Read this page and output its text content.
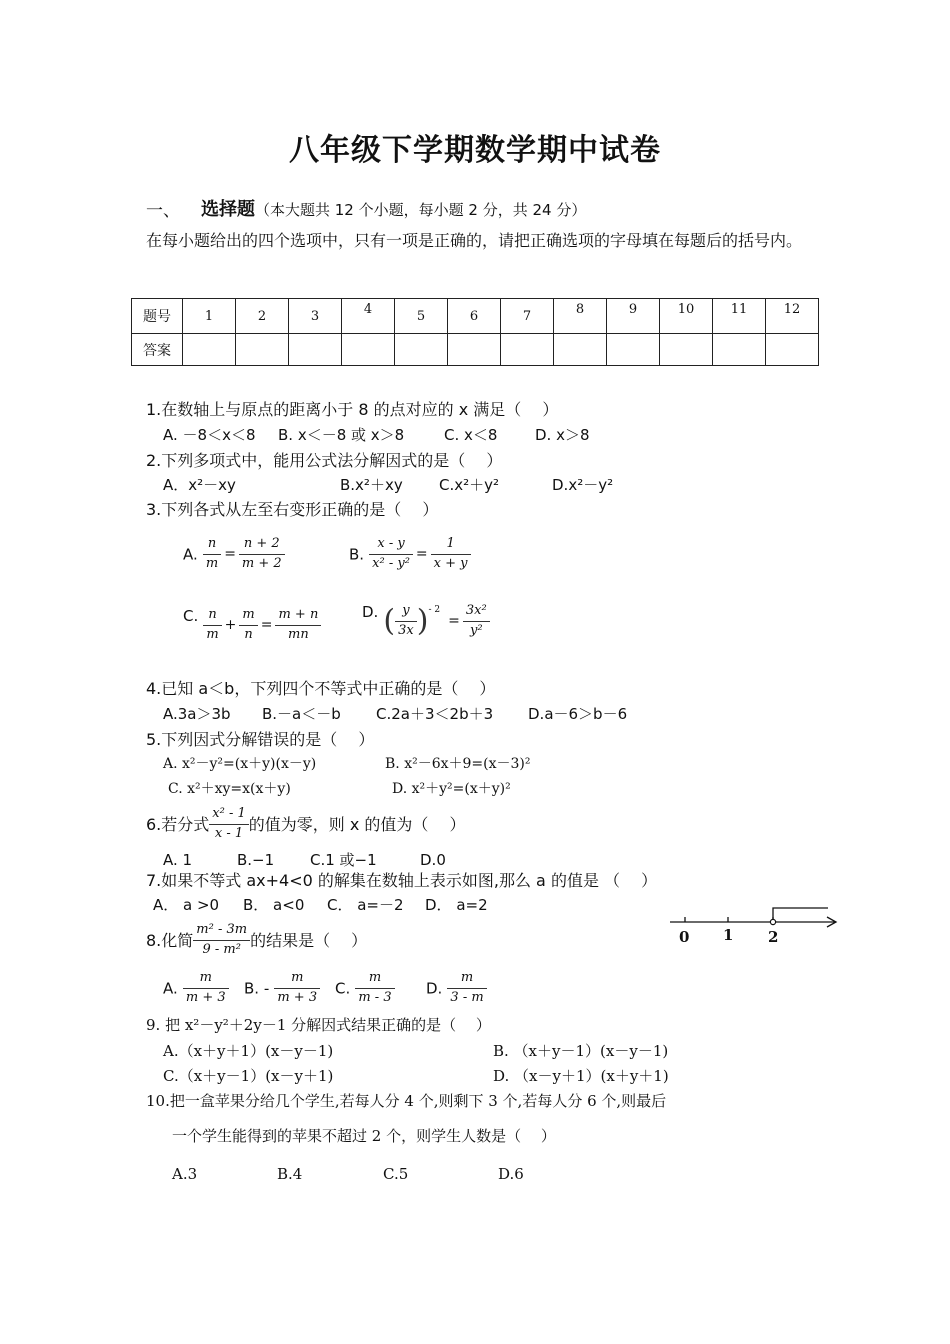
八年级下学期数学期中试卷
一、 选择题（本大题共 12 个小题，每小题 2 分，共 24 分）
在每小题给出的四个选项中，只有一项是正确的，请把正确选项的字母填在每题后的括号内。
题号	1	2	3	4	5	6	7	8	9	10	11	12
答案												
1.在数轴上与原点的距离小于 8 的点对应的 x 满足（　 ）
A. －8＜x＜8 B. x＜－8 或 x＞8	C. x＜8	D. x＞8
2.下列多项式中，能用公式法分解因式的是（　 ）
A．x²－xy	B.x²＋xy C.x²＋y²	D.x²－y²
3.下列各式从左至右变形正确的是（　 ）
A. $\frac{n}{m} = \frac{n + 2}{m + 2}$	B. $\frac{x - y}{\text{x² - y²}} = \frac{1}{x + y}$
C. $\frac{n}{m} + \frac{m}{n} = \frac{m + n}{mn}$	D. ( $\frac{y}{3x} )^{- 2}= \frac{\text{3x²}}{\text{y²}}$
4.已知 a＜b，下列四个不等式中正确的是（　 ）
A.3a＞3b B.－a＜－b C.2a＋3＜2b＋3 D.a－6＞b－6
5.下列因式分解错误的是（　 ）
A. x²－y²=(x＋y)(x－y)	B. x²－6x＋9=(x－3)²
C. x²＋xy=x(x＋y)	D. x²＋y²=(x＋y)²
6.若分式 $\frac{\text{x² - 1}}{x - 1}$ 的值为零，则 x 的值为（　 ）
A. 1	B.−1 C.1 或−1	D.0
7.如果不等式 ax+4<0 的解集在数轴上表示如图,那么 a 的值是 （　 ）
A． a >0 B． a<0 C． a=－2 D． a=2
0 1 2
8.化简 $\frac{\text{m² - 3m}}{\text{9 - m²}}$ 的结果是（　 ）
A. $\frac{m}{m + 3} B$. - $\frac{m}{m + 3} C$. $\frac{m}{m - 3} D$. $\frac{m}{3 - m}$
9. 把 x²－y²＋2y－1 分解因式结果正确的是（　 ）
A.（x＋y＋1）(x－y－1)	B. （x＋y－1）(x－y－1)
C.（x＋y－1）(x－y＋1)	D. （x－y＋1）(x＋y＋1)
10.把一盒苹果分给几个学生,若每人分 4 个,则剩下 3 个,若每人分 6 个,则最后
一个学生能得到的苹果不超过 2 个，则学生人数是（　 ）
A.3	B.4	C.5	D.6
